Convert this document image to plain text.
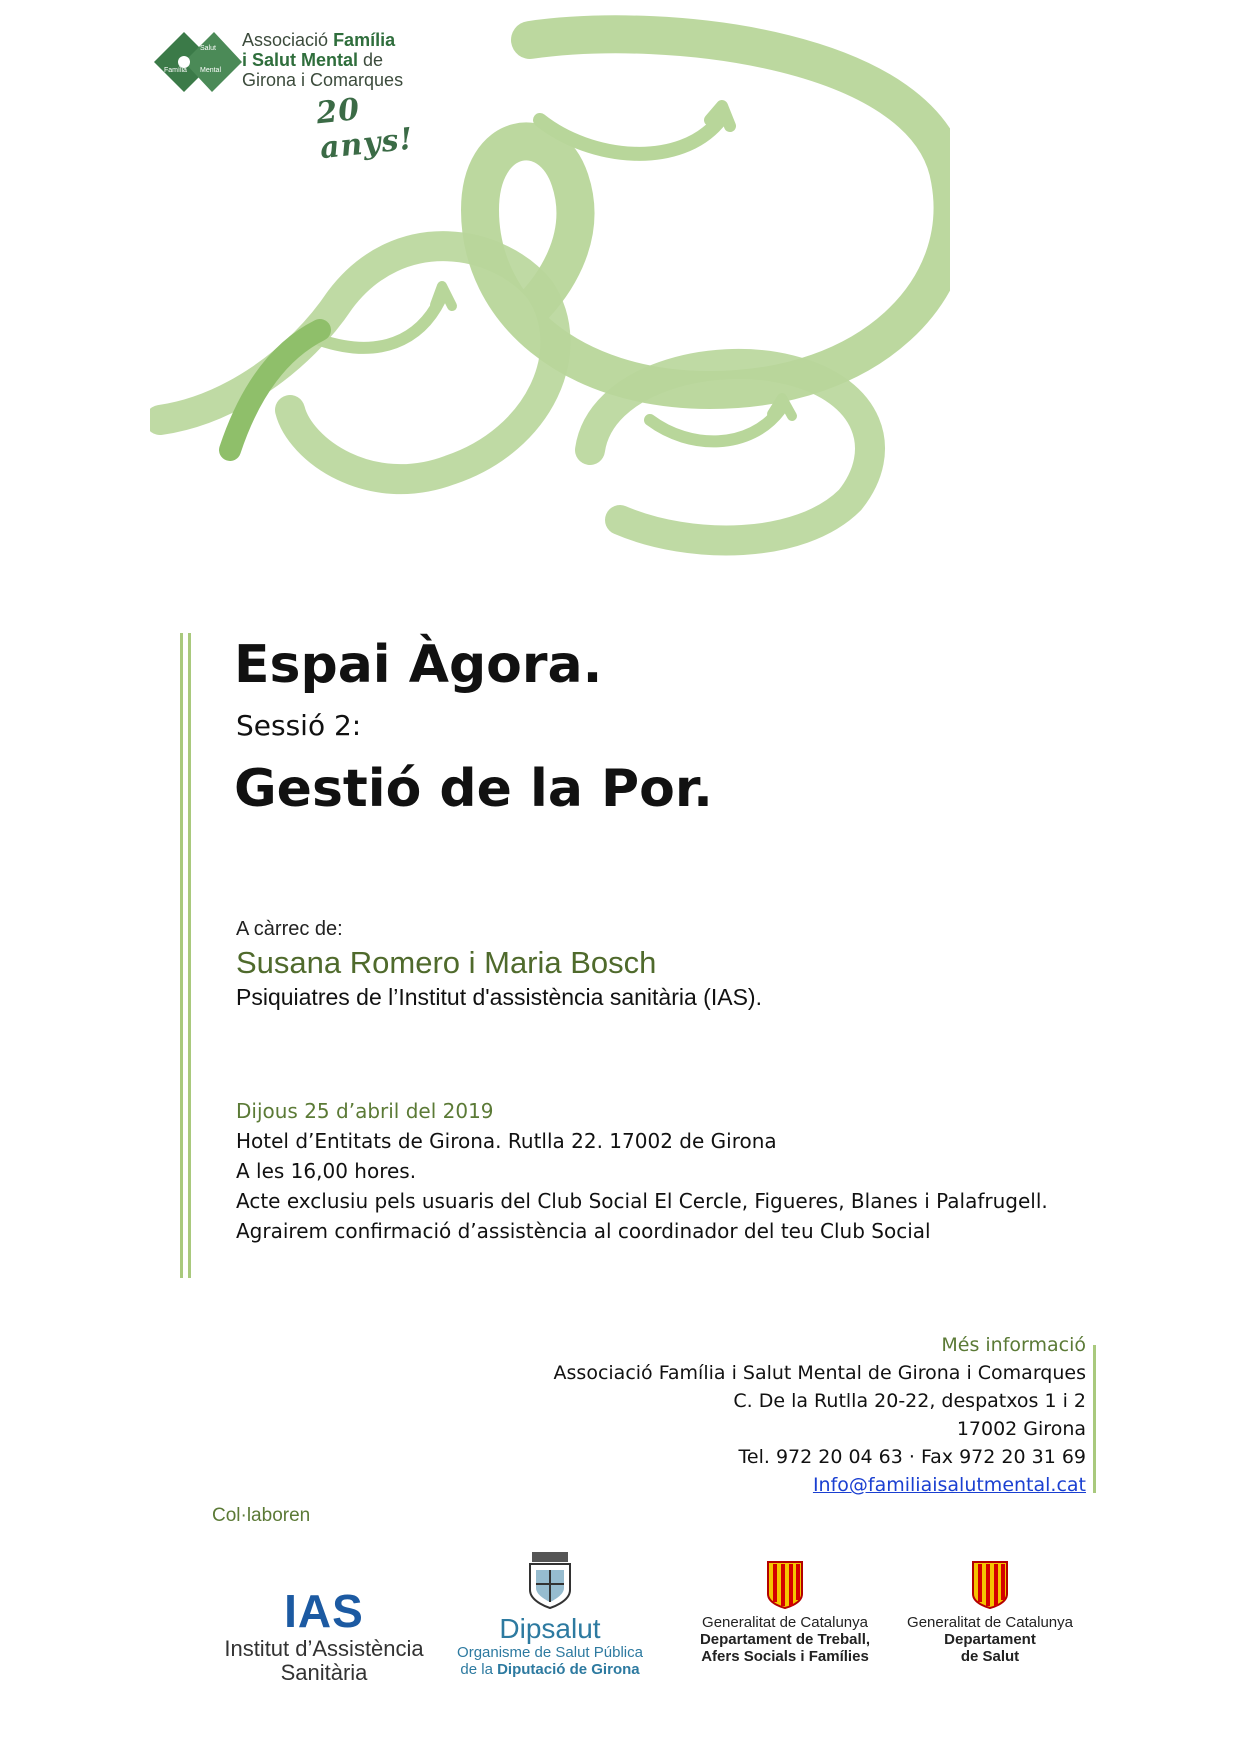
Salut
Família Mental
Associació Família
i Salut Mental de
Girona i Comarques
20 anys!
Espai Àgora.
Sessió 2:
Gestió de la Por.
A càrrec de:
Susana Romero i Maria Bosch
Psiquiatres de l’Institut d'assistència sanitària (IAS).
Dijous 25 d’abril del 2019
Hotel d’Entitats de Girona. Rutlla 22. 17002 de Girona
A les 16,00 hores.
Acte exclusiu pels usuaris del Club Social El Cercle, Figueres, Blanes i Palafrugell.
Agrairem confirmació d’assistència al coordinador del teu Club Social
Més informació
Associació Família i Salut Mental de Girona i Comarques
C. De la Rutlla 20-22, despatxos 1 i 2
17002 Girona
Tel. 972 20 04 63 · Fax 972 20 31 69
Info@familiaisalutmental.cat
Col·laboren
IAS
Institut d’Assistència
Sanitària
Dipsalut
Organisme de Salut Pública
de la Diputació de Girona
Generalitat de Catalunya
Departament de Treball,
Afers Socials i Famílies
Generalitat de Catalunya
Departament
de Salut
